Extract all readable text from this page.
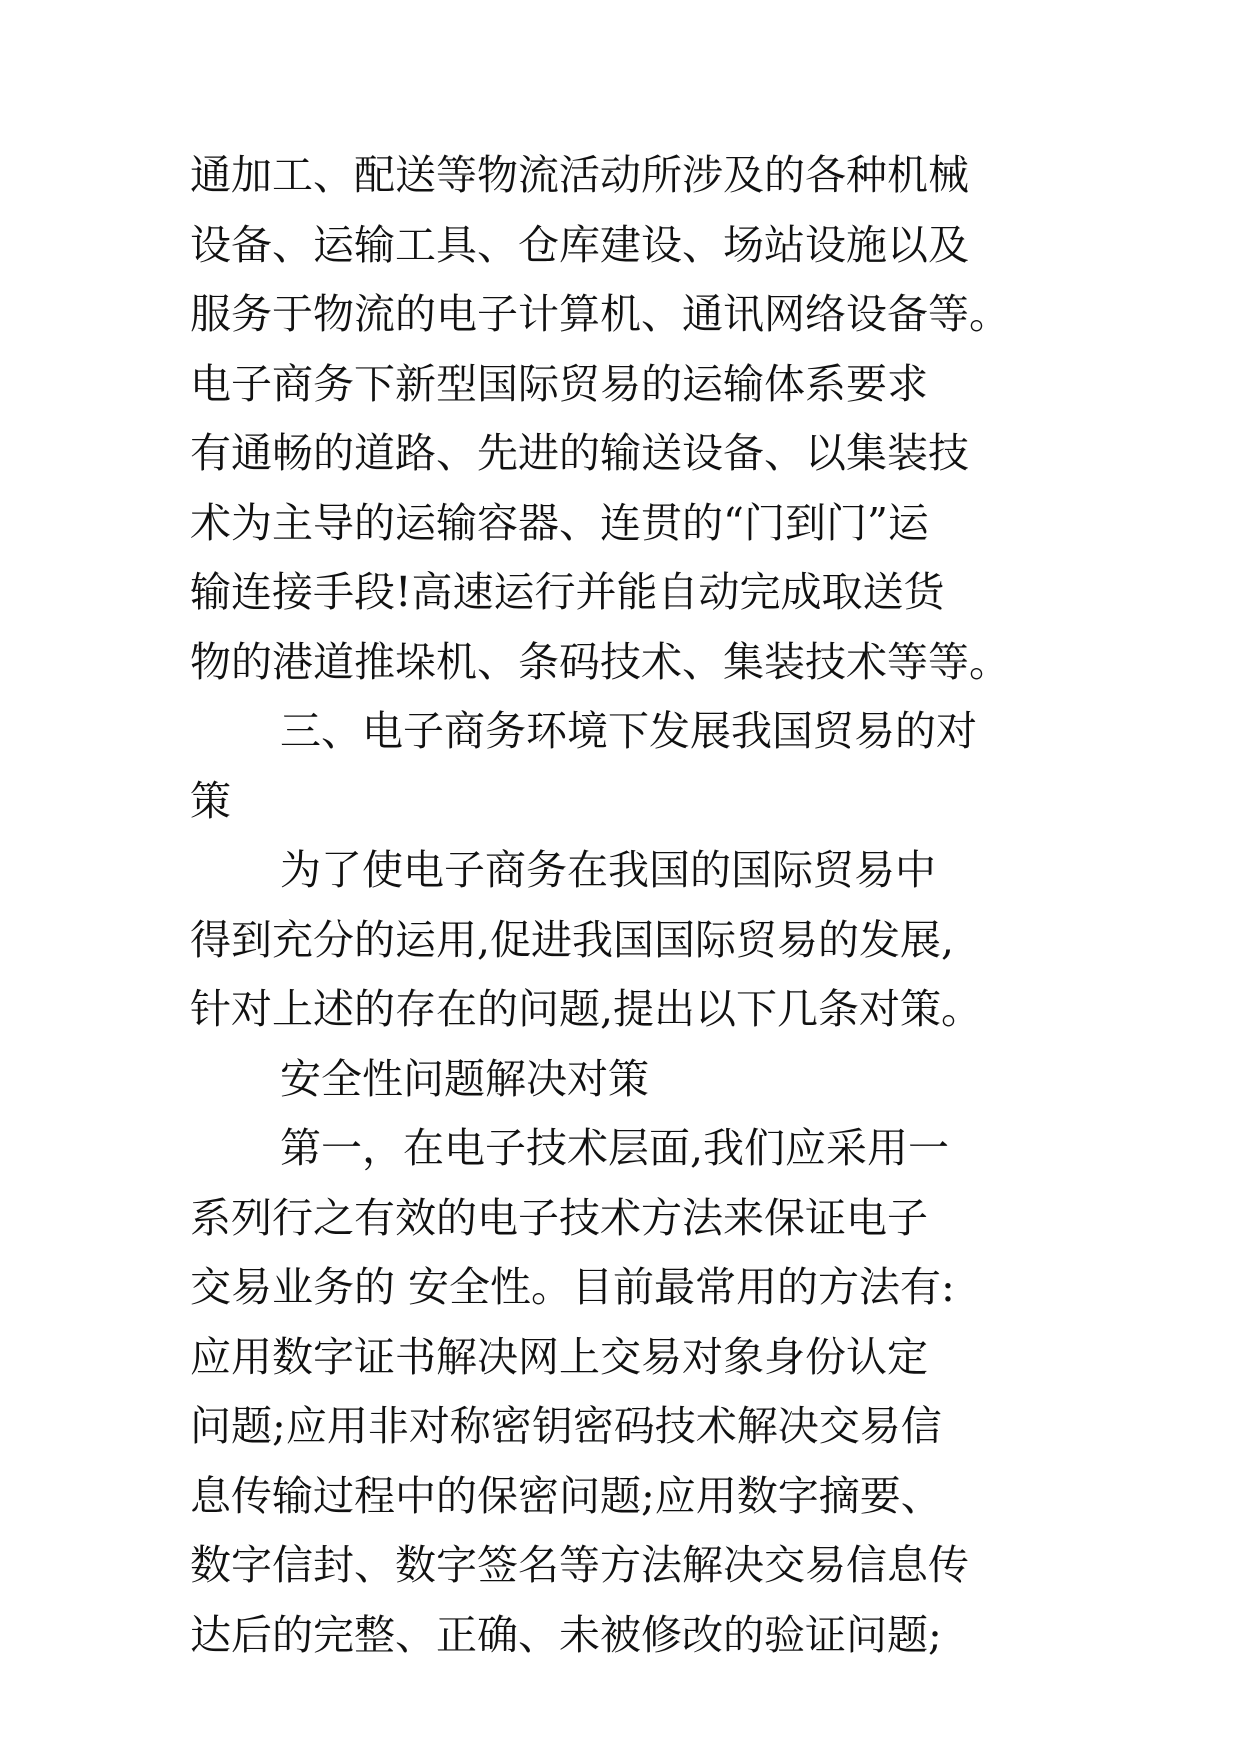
通加工、配送等物流活动所涉及的各种机械
设备、运输工具、仓库建设、场站设施以及
服务于物流的电子计算机、通讯网络设备等。
电子商务下新型国际贸易的运输体系要求
有通畅的道路、先进的输送设备、以集装技
术为主导的运输容器、连贯的“门到门”运
输连接手段!高速运行并能自动完成取送货
物的港道推垛机、条码技术、集装技术等等。
三、电子商务环境下发展我国贸易的对
策
为了使电子商务在我国的国际贸易中
得到充分的运用,促进我国国际贸易的发展,
针对上述的存在的问题,提出以下几条对策。
安全性问题解决对策
第一，在电子技术层面,我们应采用一
系列行之有效的电子技术方法来保证电子
交易业务的 安全性。目前最常用的方法有:
应用数字证书解决网上交易对象身份认定
问题;应用非对称密钥密码技术解决交易信
息传输过程中的保密问题;应用数字摘要、
数字信封、数字签名等方法解决交易信息传
达后的完整、正确、未被修改的验证问题;
